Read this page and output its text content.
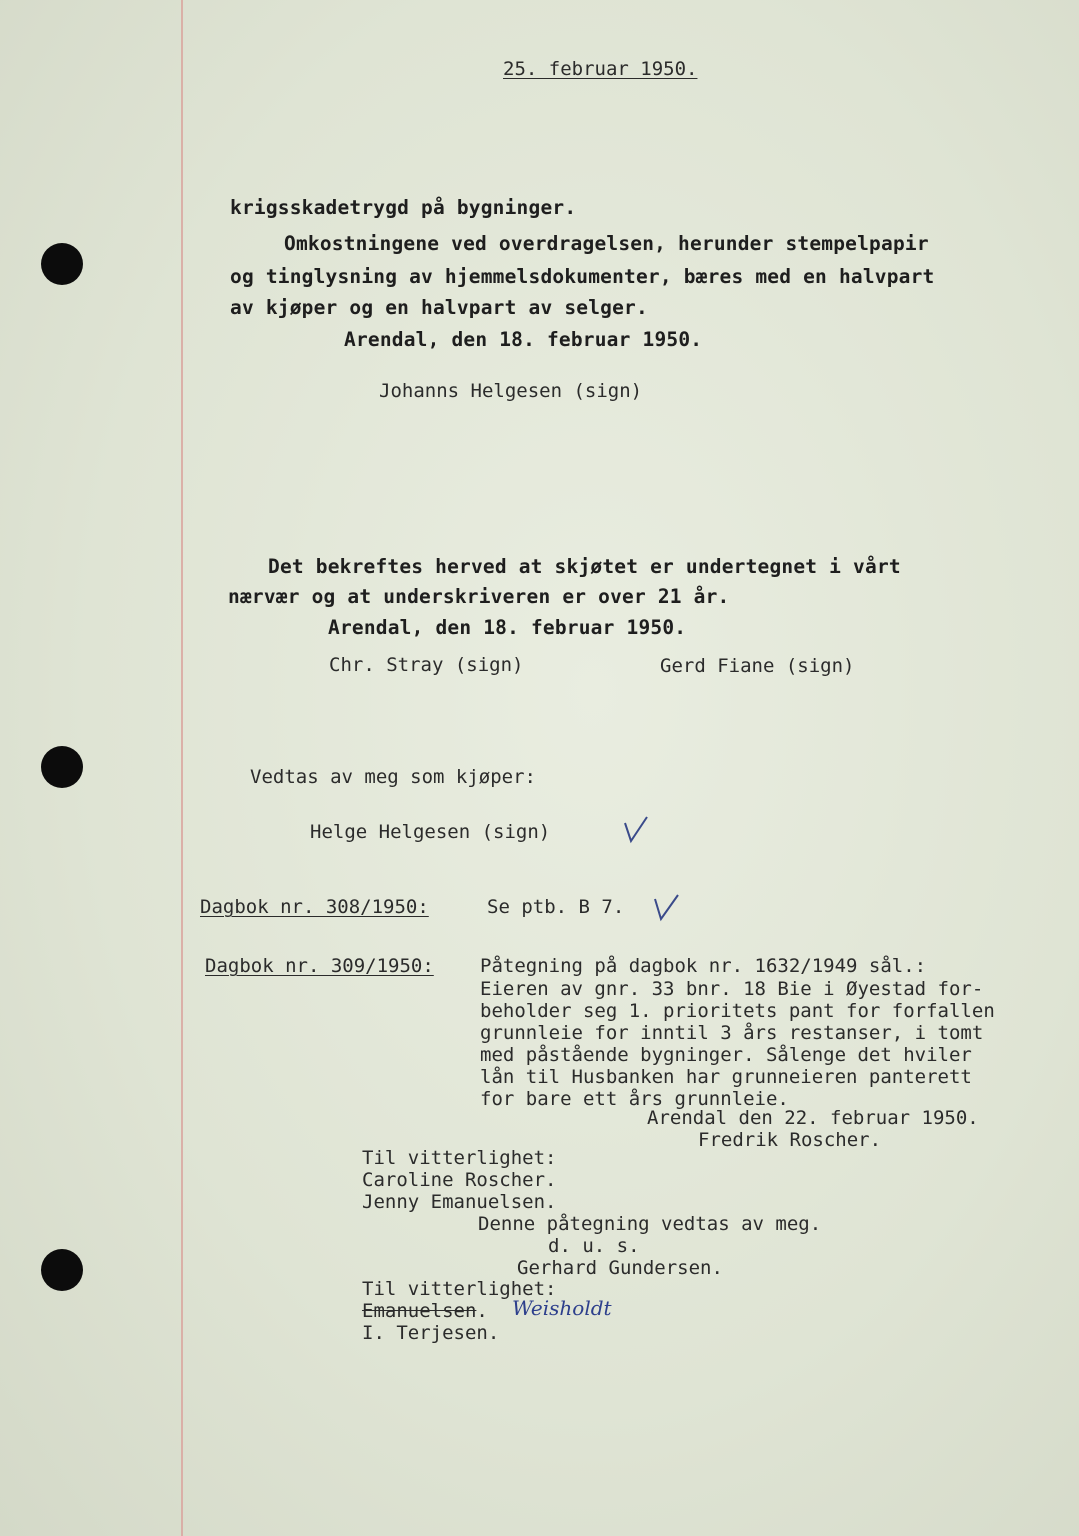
25. februar 1950.
krigsskadetrygd på bygninger.
Omkostningene ved overdragelsen, herunder stempelpapir
og tinglysning av hjemmelsdokumenter, bæres med en halvpart
av kjøper og en halvpart av selger.
Arendal, den 18. februar 1950.
Johanns Helgesen (sign)
Det bekreftes herved at skjøtet er undertegnet i vårt
nærvær og at underskriveren er over 21 år.
Arendal, den 18. februar 1950.
Chr. Stray (sign)	Gerd Fiane (sign)
Vedtas av meg som kjøper:
Helge Helgesen (sign)
Dagbok nr. 308/1950:	Se ptb. B 7.
Dagbok nr. 309/1950: Påtegning på dagbok nr. 1632/1949 sål.:
Eieren av gnr. 33 bnr. 18 Bie i Øyestad for-
beholder seg 1. prioritets pant for forfallen
grunnleie for inntil 3 års restanser, i tomt
med påstående bygninger. Sålenge det hviler
lån til Husbanken har grunneieren panterett
for bare ett års grunnleie.
Arendal den 22. februar 1950.
Fredrik Roscher.
Til vitterlighet:
Caroline Roscher.
Jenny Emanuelsen.
Denne påtegning vedtas av meg.
d. u. s.
Gerhard Gundersen.
Til vitterlighet:
Emanuelsen. Weisholdt
I. Terjesen.
